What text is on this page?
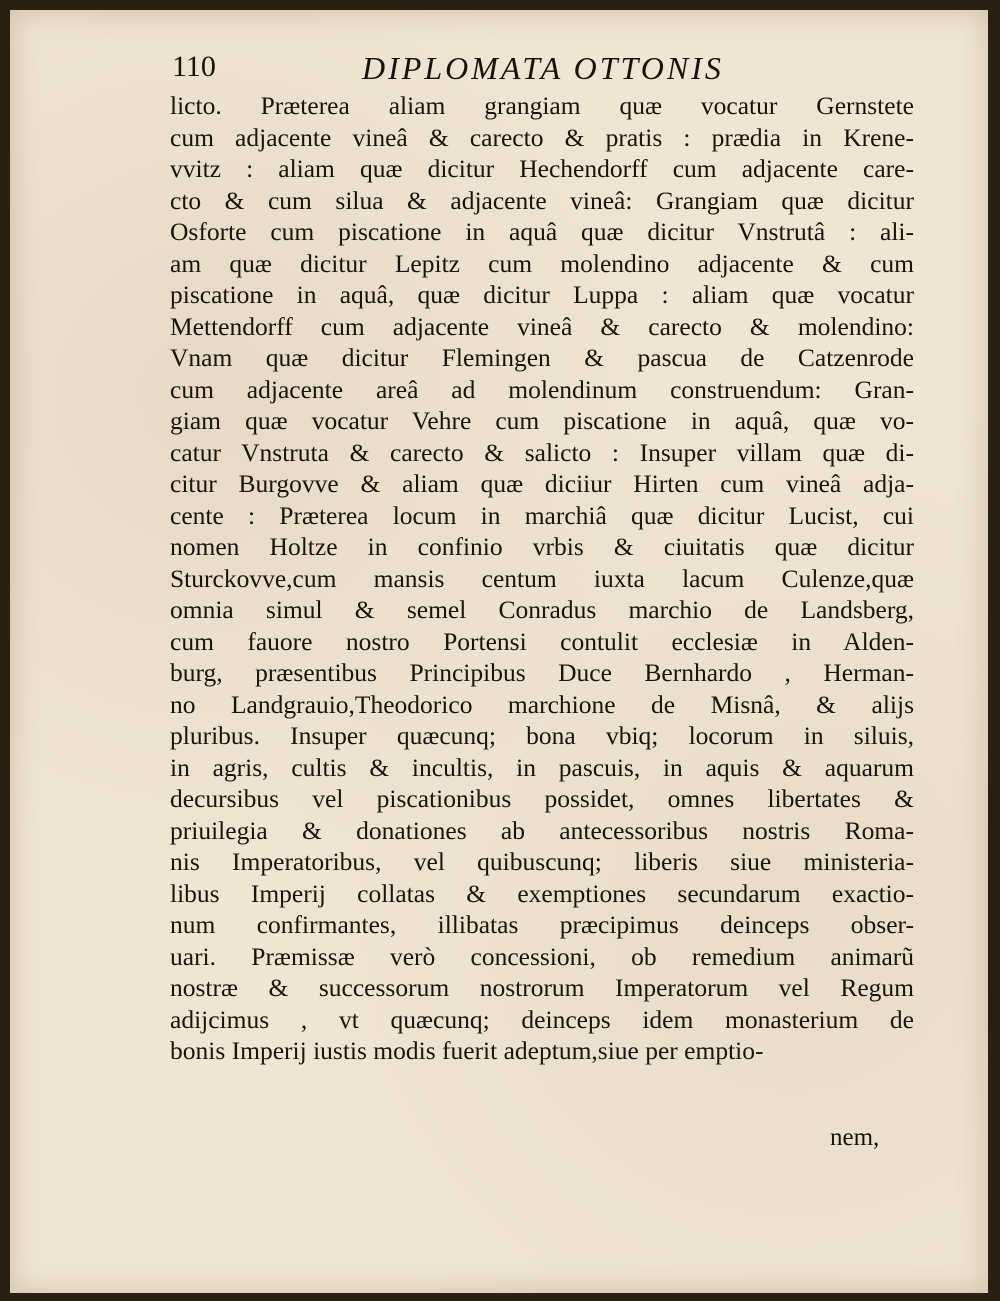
110	DIPLOMATA OTTONIS
licto. Præterea aliam grangiam quæ vocatur Gernstete
cum adjacente vineâ & carecto & pratis : prædia in Krene-
vvitz : aliam quæ dicitur Hechendorff cum adjacente care-
cto & cum silua & adjacente vineâ: Grangiam quæ dicitur
Osforte cum piscatione in aquâ quæ dicitur Vnstrutâ : ali-
am quæ dicitur Lepitz cum molendino adjacente & cum
piscatione in aquâ, quæ dicitur Luppa : aliam quæ vocatur
Mettendorff cum adjacente vineâ & carecto & molendino:
Vnam quæ dicitur Flemingen & pascua de Catzenrode
cum adjacente areâ ad molendinum construendum: Gran-
giam quæ vocatur Vehre cum piscatione in aquâ, quæ vo-
catur Vnstruta & carecto & salicto : Insuper villam quæ di-
citur Burgovve & aliam quæ diciiur Hirten cum vineâ adja-
cente : Præterea locum in marchiâ quæ dicitur Lucist, cui
nomen Holtze in confinio vrbis & ciuitatis quæ dicitur
Sturckovve,cum mansis centum iuxta lacum Culenze,quæ
omnia simul & semel Conradus marchio de Landsberg,
cum fauore nostro Portensi contulit ecclesiæ in Alden-
burg, præsentibus Principibus Duce Bernhardo , Herman-
no Landgrauio,Theodorico marchione de Misnâ, & alijs
pluribus. Insuper quæcunq; bona vbiq; locorum in siluis,
in agris, cultis & incultis, in pascuis, in aquis & aquarum
decursibus vel piscationibus possidet, omnes libertates &
priuilegia & donationes ab antecessoribus nostris Roma-
nis Imperatoribus, vel quibuscunq; liberis siue ministeria-
libus Imperij collatas & exemptiones secundarum exactio-
num confirmantes, illibatas præcipimus deinceps obser-
uari. Præmissæ verò concessioni, ob remedium animarũ
nostræ & successorum nostrorum Imperatorum vel Regum
adijcimus , vt quæcunq; deinceps idem monasterium de
bonis Imperij iustis modis fuerit adeptum,siue per emptio-
nem,
